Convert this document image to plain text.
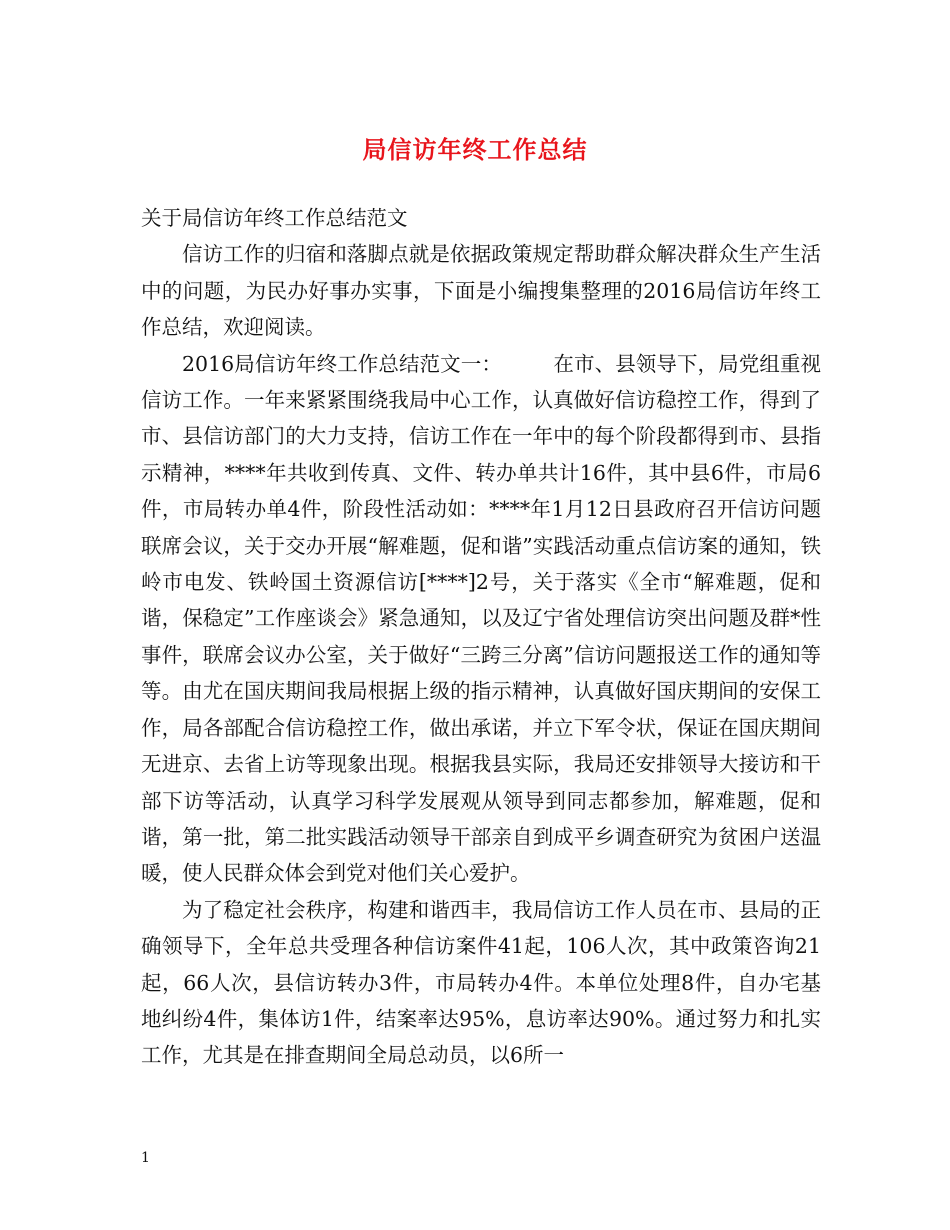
局信访年终工作总结

关于局信访年终工作总结范文

信访工作的归宿和落脚点就是依据政策规定帮助群众解决群众生产生活中的问题，为民办好事办实事，下面是小编搜集整理的2016局信访年终工作总结，欢迎阅读。

2016局信访年终工作总结范文一：　　　在市、县领导下，局党组重视信访工作。一年来紧紧围绕我局中心工作，认真做好信访稳控工作，得到了市、县信访部门的大力支持，信访工作在一年中的每个阶段都得到市、县指示精神，****年共收到传真、文件、转办单共计16件，其中县6件，市局6件，市局转办单4件，阶段性活动如：****年1月12日县政府召开信访问题联席会议，关于交办开展“解难题，促和谐”实践活动重点信访案的通知，铁岭市电发、铁岭国土资源信访[****]2号，关于落实《全市“解难题，促和谐，保稳定”工作座谈会》紧急通知，以及辽宁省处理信访突出问题及群*性事件，联席会议办公室，关于做好“三跨三分离”信访问题报送工作的通知等等。由尤在国庆期间我局根据上级的指示精神，认真做好国庆期间的安保工作，局各部配合信访稳控工作，做出承诺，并立下军令状，保证在国庆期间无进京、去省上访等现象出现。根据我县实际，我局还安排领导大接访和干部下访等活动，认真学习科学发展观从领导到同志都参加，解难题，促和谐，第一批，第二批实践活动领导干部亲自到成平乡调查研究为贫困户送温暖，使人民群众体会到党对他们关心爱护。

为了稳定社会秩序，构建和谐西丰，我局信访工作人员在市、县局的正确领导下，全年总共受理各种信访案件41起，106人次，其中政策咨询21起，66人次，县信访转办3件，市局转办4件。本单位处理8件，自办宅基地纠纷4件，集体访1件，结案率达95%，息访率达90%。通过努力和扎实工作，尤其是在排查期间全局总动员，以6所一

1
